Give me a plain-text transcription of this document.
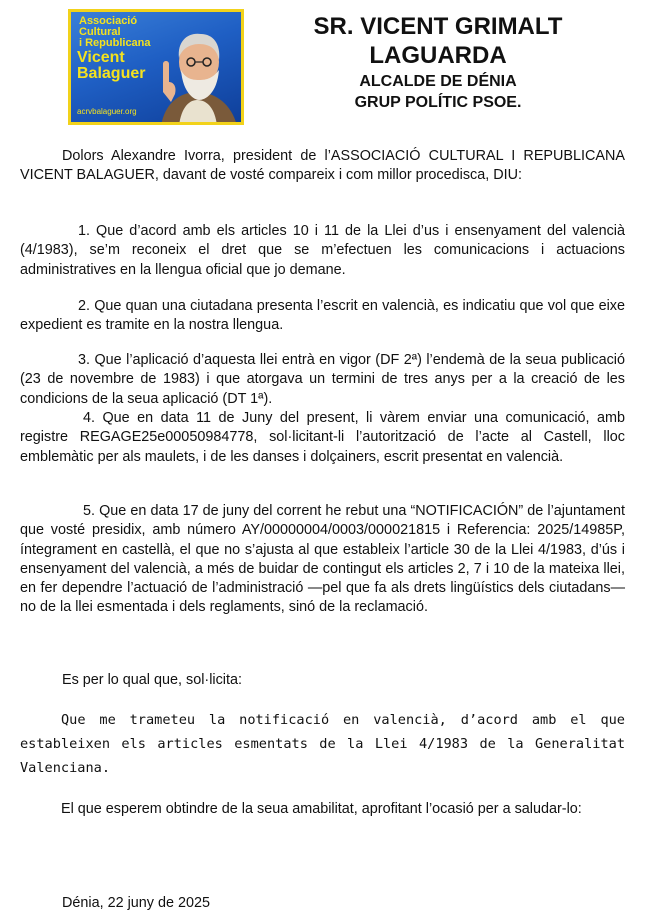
Associació
Cultural
i Republicana
Vicent
Balaguer
acrvbalaguer.org
SR. VICENT GRIMALT
LAGUARDA
ALCALDE DE DÉNIA
GRUP POLÍTIC PSOE.

Dolors Alexandre Ivorra, president de l’ASSOCIACIÓ CULTURAL I REPUBLICANA VICENT BALAGUER, davant de vosté compareix i com millor procedisca, DIU:

1. Que d’acord amb els articles 10 i 11 de la Llei d’us i ensenyament del valencià (4/1983), se’m reconeix el dret que se m’efectuen les comunicacions i actuacions administratives en la llengua oficial que jo demane.

2. Que quan una ciutadana presenta l’escrit en valencià, es indicatiu que vol que eixe expedient es tramite en la nostra llengua.

3. Que l’aplicació d’aquesta llei entrà en vigor (DF 2ª) l’endemà de la seua publicació (23 de novembre de 1983) i que atorgava un termini de tres anys per a la creació de les condicions de la seua aplicació (DT 1ª).

4. Que en data 11 de Juny del present, li vàrem enviar una comunicació, amb registre REGAGE25e00050984778, sol·licitant-li l’autorització de l’acte al Castell, lloc emblemàtic per als maulets, i de les danses i dolçainers, escrit presentat en valencià.

5. Que en data 17 de juny del corrent he rebut una “NOTIFICACIÓN” de l’ajuntament que vosté presidix, amb número AY/00000004/0003/000021815 i Referencia: 2025/14985P, íntegrament en castellà, el que no s’ajusta al que estableix l’article 30 de la Llei 4/1983, d’ús i ensenyament del valencià, a més de buidar de contingut els articles 2, 7 i 10 de la mateixa llei, en fer dependre l’actuació de l’administració —pel que fa als drets lingüístics dels ciutadans— no de la llei esmentada i dels reglaments, sinó de la reclamació.

Es per lo qual que, sol·licita:

Que me trameteu la notificació en valencià, d’acord amb el que estableixen els articles esmentats de la Llei 4/1983 de la Generalitat Valenciana.

El que esperem obtindre de la seua amabilitat, aprofitant l’ocasió per a saludar-lo:

Dénia, 22 juny de 2025
